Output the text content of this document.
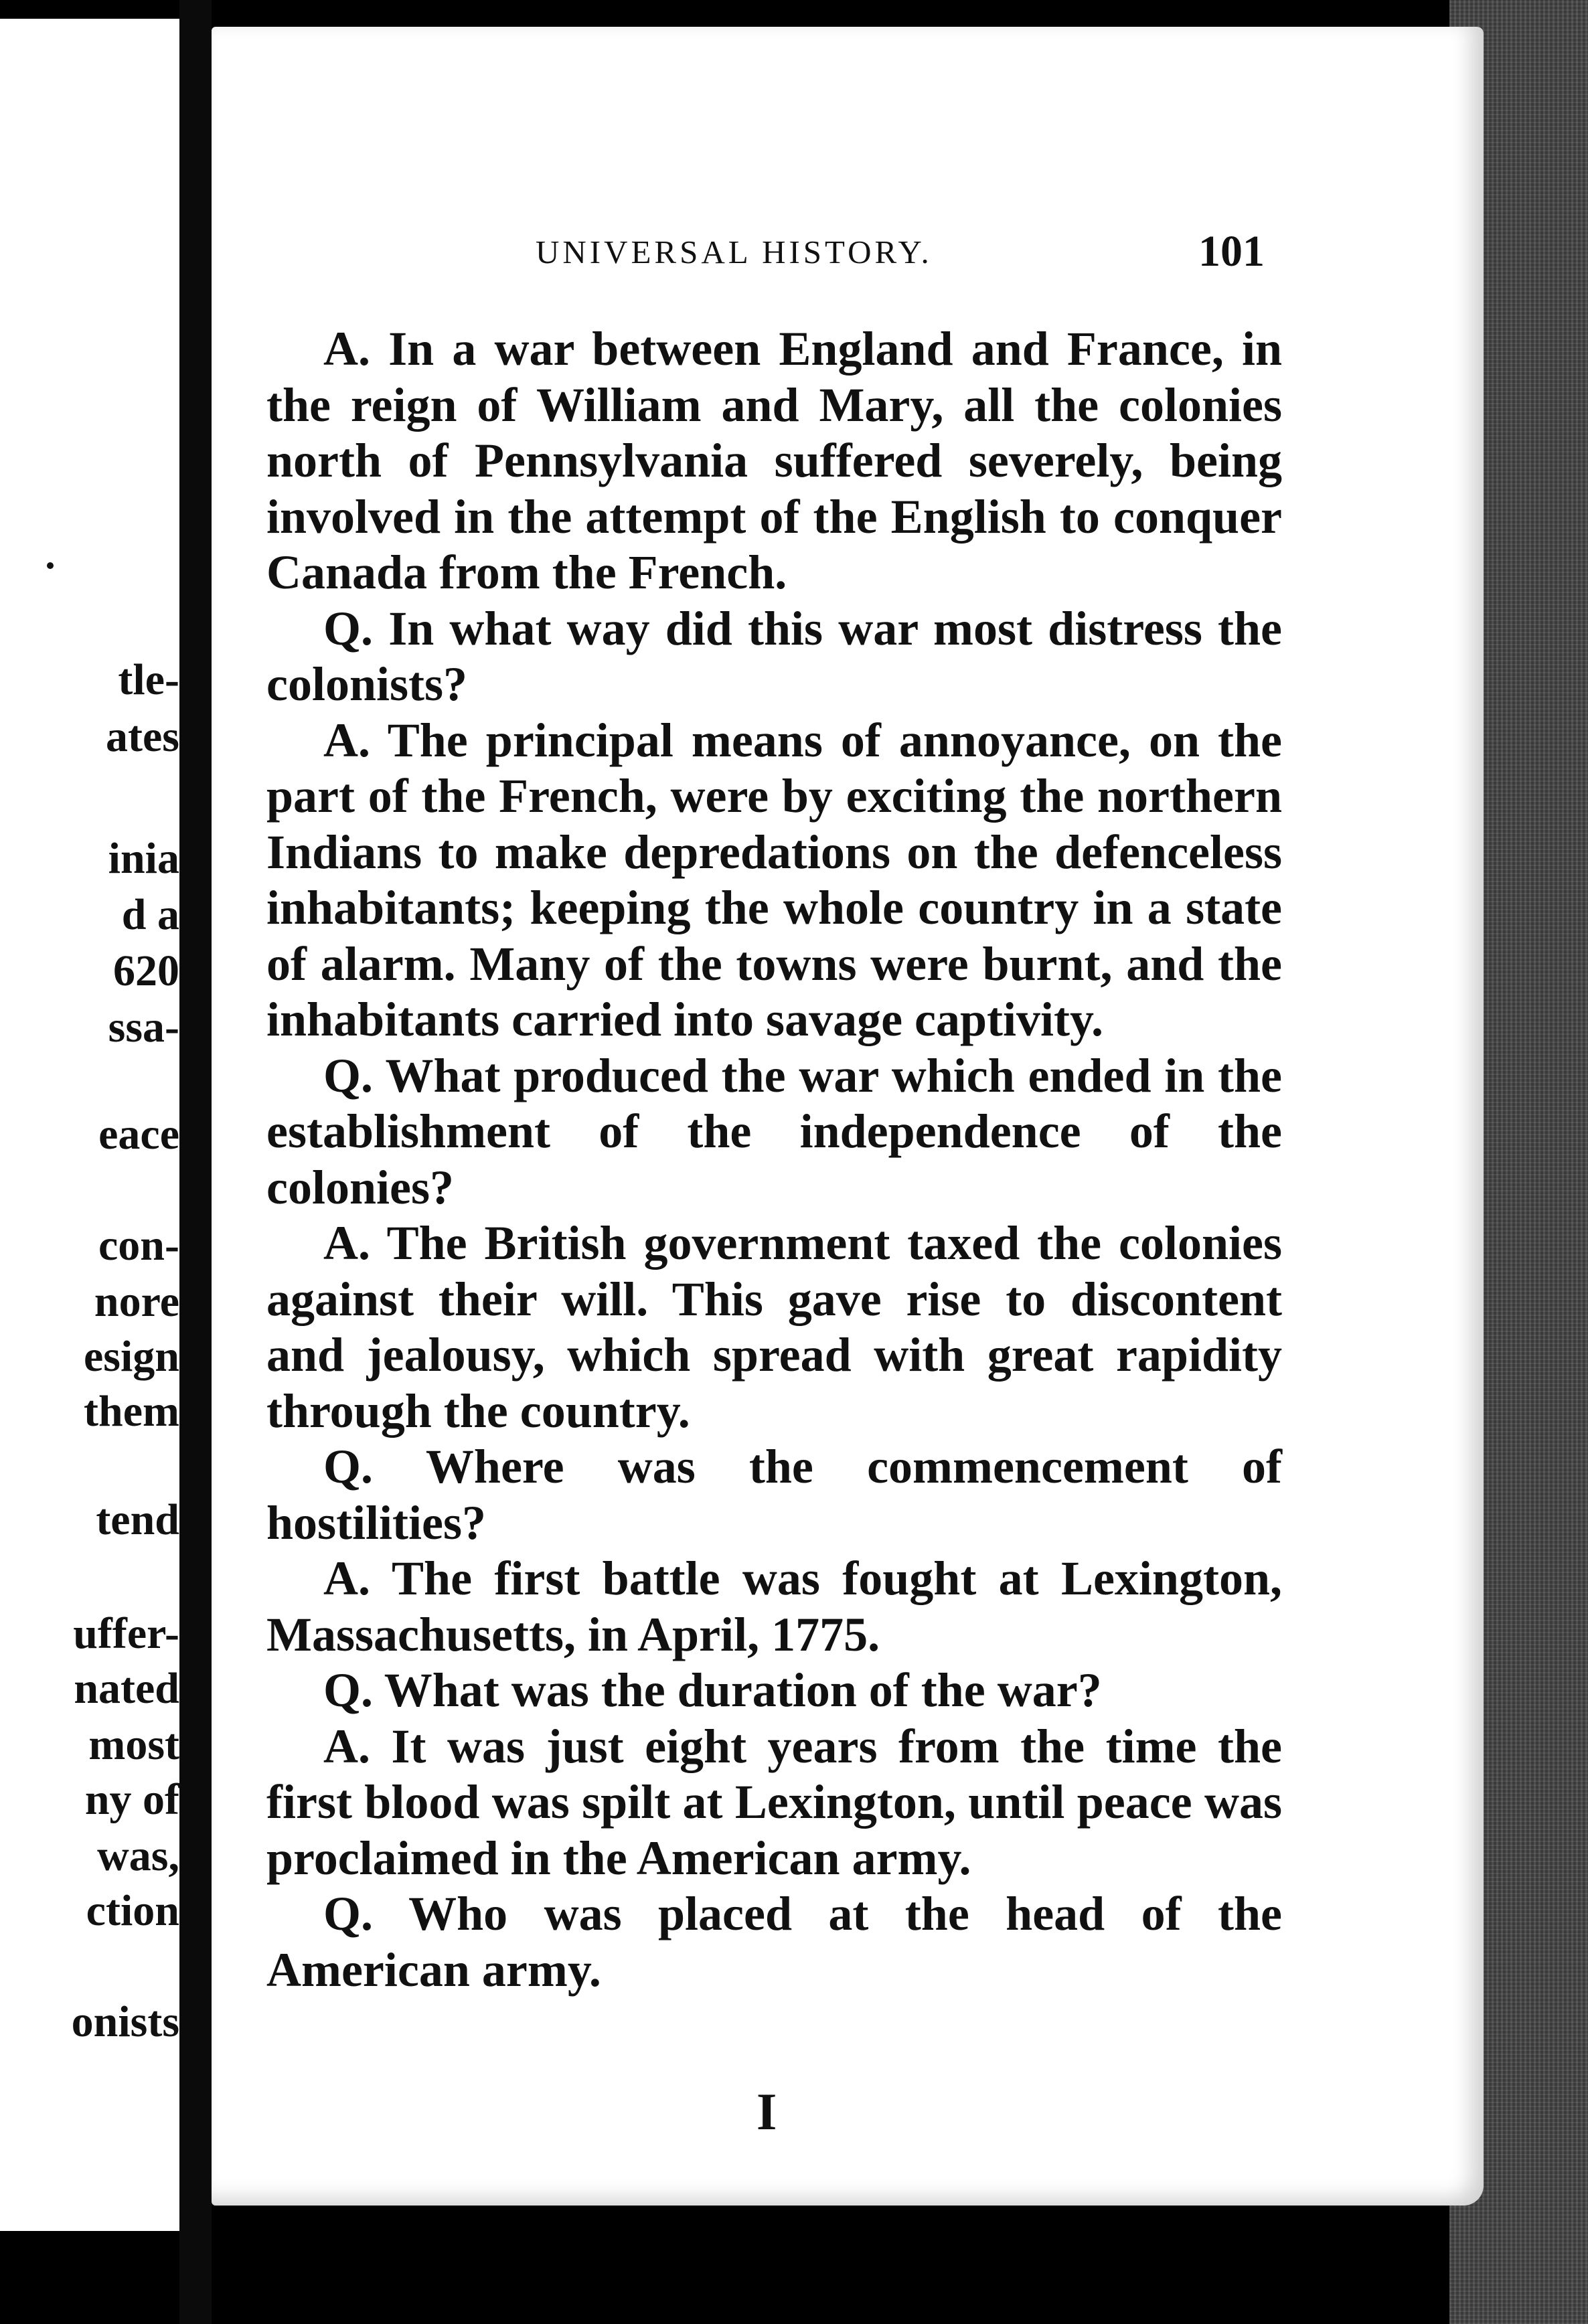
tle-
ates
inia
d a
620
ssa-
eace
con-
nore
esign
them
tend
uffer-
nated
most
ny of
was,
ction
onists
UNIVERSAL HISTORY.	101

A. In a war between England and France, in the reign of William and Mary, all the colonies north of Pennsylvania suffered severely, being involved in the attempt of the English to conquer Canada from the French.

Q. In what way did this war most distress the colonists?

A. The principal means of annoyance, on the part of the French, were by exciting the northern Indians to make depredations on the defenceless inhabitants; keeping the whole country in a state of alarm. Many of the towns were burnt, and the inhabitants carried into savage captivity.

Q. What produced the war which ended in the establishment of the independence of the colonies?

A. The British government taxed the colonies against their will. This gave rise to discontent and jealousy, which spread with great rapidity through the country.

Q. Where was the commencement of hostilities?

A. The first battle was fought at Lexington, Massachusetts, in April, 1775.

Q. What was the duration of the war?

A. It was just eight years from the time the first blood was spilt at Lexington, until peace was proclaimed in the American army.

Q. Who was placed at the head of the American army.

I
